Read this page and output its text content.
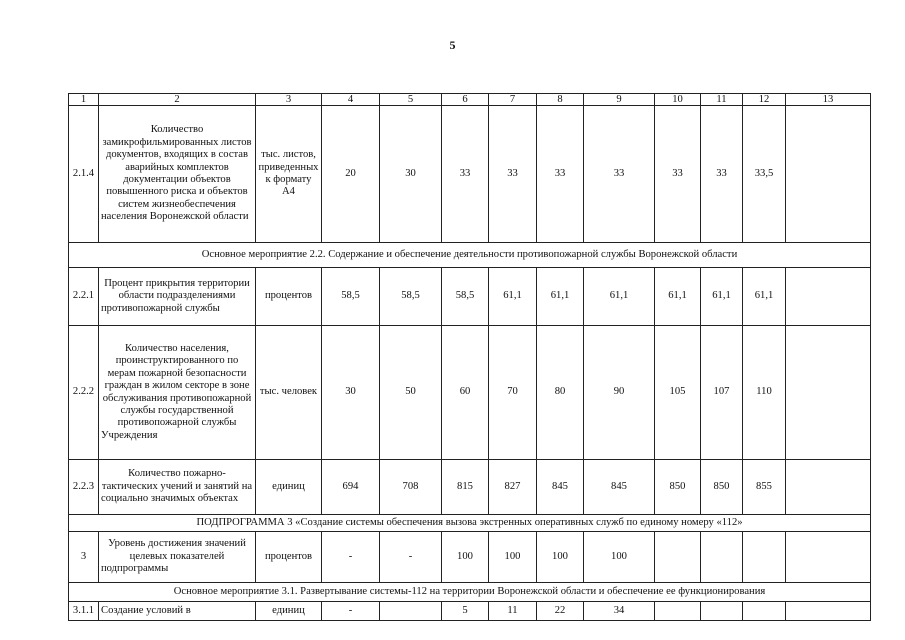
5
1	2	3	4	5	6	7	8	9	10	11	12	13
2.1.4	Количество замикрофильмированных листов документов, входящих в состав аварийных комплектов документации объектов повышенного риска и объектов систем жизнеобеспечения населения Воронежской области	тыс. листов, приведенных к формату А4	20	30	33	33	33	33	33	33	33,5	
Основное мероприятие 2.2. Содержание и обеспечение деятельности противопожарной службы Воронежской области												
2.2.1	Процент прикрытия территории области подразделениями противопожарной службы	процентов	58,5	58,5	58,5	61,1	61,1	61,1	61,1	61,1	61,1	
2.2.2	Количество населения, проинструктированного по мерам пожарной безопасности граждан в жилом секторе в зоне обслуживания противопожарной службы государственной противопожарной службы Учреждения	тыс. человек	30	50	60	70	80	90	105	107	110	
2.2.3	Количество пожарно-тактических учений и занятий на социально значимых объектах	единиц	694	708	815	827	845	845	850	850	855	
ПОДПРОГРАММА 3 «Создание системы обеспечения вызова экстренных оперативных служб по единому номеру «112»												
3	Уровень достижения значений целевых показателей подпрограммы	процентов	-	-	100	100	100	100				
Основное мероприятие 3.1. Развертывание системы-112 на территории Воронежской области и обеспечение ее функционирования												
3.1.1	Создание условий в	единиц	-		5	11	22	34				
